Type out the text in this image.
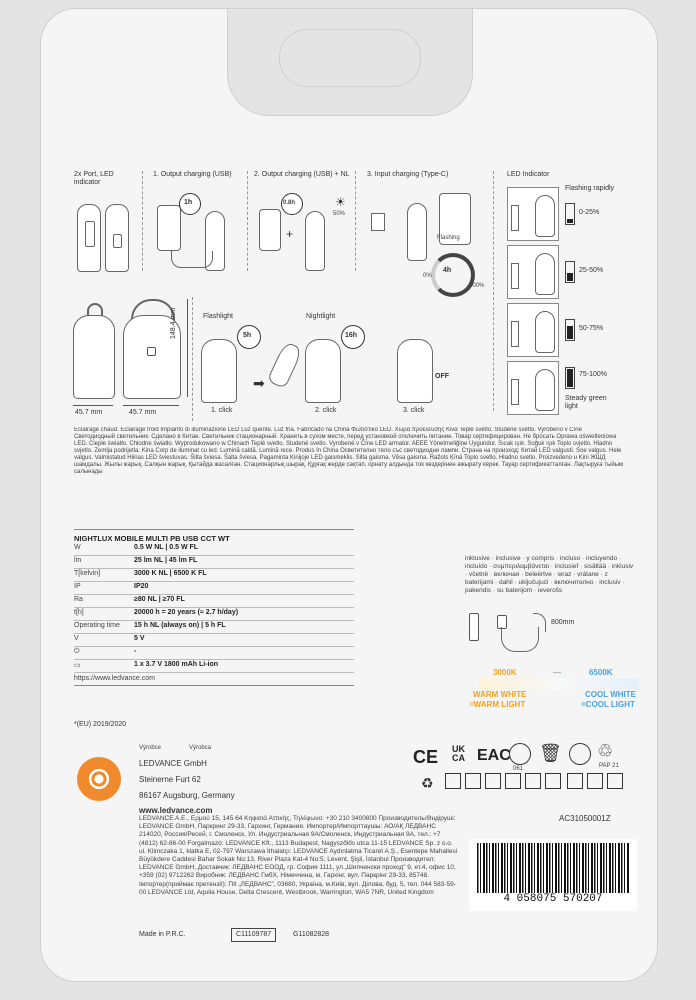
2x Port, LED indicator
1. Output charging (USB)	2. Output charging (USB) + NL	3. Input charging (Type-C)	LED Indicator
1h	0.8h
+
☀
50%
Flashing
4h
0%
100%
Flashing rapidly
0-25%
25-50%
50-75%
75-100%
Steady green light
45.7 mm	45.7 mm
148.4 mm	Flashlight	Nightlight
5h
➡
1. click
16h
2. click
OFF
3. click
Éclairage chaud. Éclairage froid Impianto di illuminazione LED Luz quente. Luz fria. Fabricado na China Φωτιστικό LED. Χώρα προέλευσης Κίνα Teplé světlo. Studené světlo. Vyrobeno v Číně Светодиодный светильник. Сделано в Китае. Светильник стационарный. Хранить в сухом месте, перед установкой отключить питание. Товар сертифицирован. Не бросать Oprawa oświetleniowa LED. Ciepłe światło. Chłodne światło. Wyprodukowano w Chinach Teplé svetlo. Studené svetlo. Vyrobené v Číne LED armatúr. AEEE Yönetmeliğine Uygundur. Sıcak ışık. Soğuk ışık Toplo svjetlo. Hladno svjetlo. Zemlja podrijetla: Kina Corp de iluminat cu led. Lumină caldă. Lumină rece. Produs în China Осветително тяло със светодиодни лампи. Страна на произход: Китай LED valgusti. Soe valgus. Hele valgus. Valmistatud Hiinas LED šviestuvas. Šilta šviesa. Šalta šviesa. Pagaminta Kinijoje LED gaismeklis. Silta gaisma. Vēsa gaisma. Ražots Ķīnā Toplo svetlo. Hladno svetlo. Proizvedeno u Kini ЖШД шамдалы. Жылы жарық. Салқын жарық. Қытайда жасалған. Стационарлық шырақ. Құрғақ жерде сақтап, орнату алдында ток көздерінен ажырату керек. Тауар сертификатталған. Лақтыруға тыйым салынады
NIGHTLUX MOBILE MULTI PB USB CCT WT
W	0.5 W NL | 0.5 W FL
lm	25 lm NL | 45 lm FL
T[kelvin]	3000 K NL | 6500 K FL
IP	IP20
Ra	≥80 NL | ≥70 FL
t[h]	20000 h = 20 years (≈ 2.7 h/day)
Operating time 15 h NL (always on) | 5 h FL
V	5 V
⏻	-
▭	1 x 3.7 V 1800 mAh Li-ion
https://www.ledvance.com
*(EU) 2019/2020
inklusive · inclusive · y compris · incluso · incluyendo · incluído · συμπεριλαμβάνεται · inclusief · sisältää · inklusiv · včetně · включая · beleértve · wraz · vrátane · z baterijami · dahil · uključujući · включително · inclusiv · pakendis · su baterijom · ieverošs
800mm
3000K	—	6500K
WARM WHITE
=WARM LIGHT
COOL WHITE
=COOL LIGHT
Výrobce	Výrobca
LEDVANCE GmbH
Steinerne Furt 62
86167 Augsburg, Germany
www.ledvance.com
CE UK CA EAC
061
🗑 ♲
PAP 21
♻
LEDVANCE A.E., Ερμού 15, 145 64 Κηφισιά Αττικής, Τηλέφωνο: +30 210 3400800 Производитель/Әндіруші: LEDVANCE GmbH, Паркринг 29-33, Гархинг, Германия. Импортер/Импорттаушы: АО/АҚ ЛЕДВАНС 214020, Россия/Ресей, г. Смоленск, Ул. Индустриальная 9А/Смоленск, Индустриальная 9А, тел.: +7 (4812) 62-86-00 Forgalmazó: LEDVANCE Kft., 1113 Budapest, Nagyszőlős utca 11-15 LEDVANCE Sp. z o.o. ul. Klimczaka 1, klatka E, 02-797 Warszawa İthalatçı: LEDVANCE Aydınlatma Ticaret A.Ş., Esentepe Mahallesi Büyükdere Caddesi Bahar Sokak No:13, River Plaza Kat-4 No:5, Levent, Şişli, İstanbul Производител: LEDVANCE GmbH, Доставчик: ЛЕДВАНС ЕООД, гр. София 1111, ул.„Шипченски проход” 9, ет.4, офис 10, +359 (02) 9712262 Виробник: ЛЕДВАНС ГмбХ, Німеччина, м. Гархінг, вул. Паркрінг 29-33, 85748. Імпортер(приймає претензії): ПІІ „ЛЕДВАНС”, 03680, Україна, м.Київ, вул. Ділова, буд. 5, тел. 044 583-59-00 LEDVANCE Ltd, Aquila House, Delta Crescent, Westbrook, Warrington, WA5 7NR, United Kingdom
AC31050001Z
4 058075 570207
Made in P.R.C.	C11109787	G11082828
